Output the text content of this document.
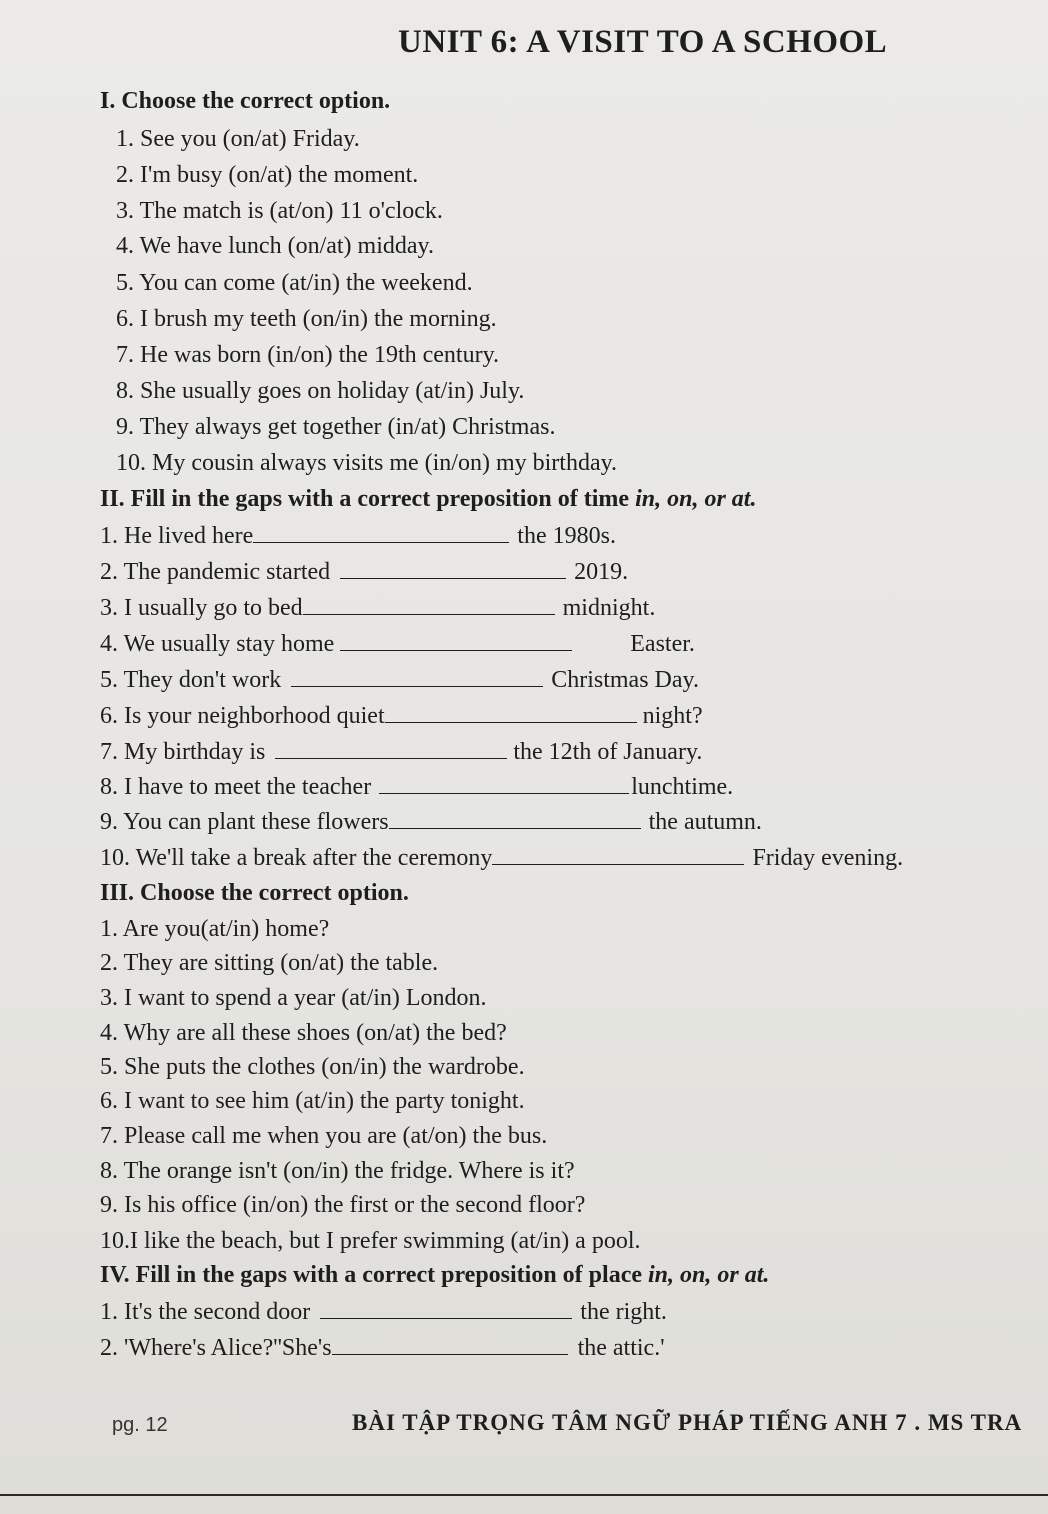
UNIT 6: A VISIT TO A SCHOOL
I. Choose the correct option.
1. See you (on/at) Friday.
2. I'm busy (on/at) the moment.
3. The match is (at/on) 11 o'clock.
4. We have lunch (on/at) midday.
5. You can come (at/in) the weekend.
6. I brush my teeth (on/in) the morning.
7. He was born (in/on) the 19th century.
8. She usually goes on holiday (at/in) July.
9. They always get together (in/at) Christmas.
10. My cousin always visits me (in/on) my birthday.
II. Fill in the gaps with a correct preposition of time in, on, or at.
1. He lived here	the 1980s.
2. The pandemic started	2019.
3. I usually go to bed	midnight.
4. We usually stay home	Easter.
5. They don't work	Christmas Day.
6. Is your neighborhood quiet	night?
7. My birthday is	the 12th of January.
8. I have to meet the teacher	lunchtime.
9. You can plant these flowers	the autumn.
10. We'll take a break after the ceremony	Friday evening.
III. Choose the correct option.
1. Are you(at/in) home?
2. They are sitting (on/at) the table.
3. I want to spend a year (at/in) London.
4. Why are all these shoes (on/at) the bed?
5. She puts the clothes (on/in) the wardrobe.
6. I want to see him (at/in) the party tonight.
7. Please call me when you are (at/on) the bus.
8. The orange isn't (on/in) the fridge. Where is it?
9. Is his office (in/on) the first or the second floor?
10.I like the beach, but I prefer swimming (at/in) a pool.
IV. Fill in the gaps with a correct preposition of place in, on, or at.
1. It's the second door	the right.
2. 'Where's Alice?''She's	the attic.'
pg. 12	BÀI TẬP TRỌNG TÂM NGỮ PHÁP TIẾNG ANH 7 . MS TRA
